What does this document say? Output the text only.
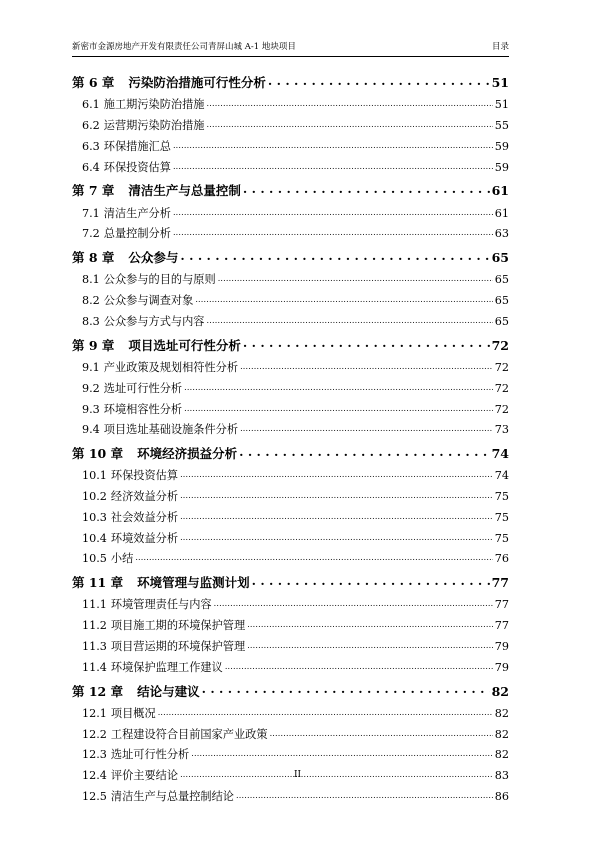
新密市金源房地产开发有限责任公司青屏山城 A-1 地块项目	目录
第 6 章 污染防治措施可行性分析 . . .	51
6.1 施工期污染防治措施 .....	51
6.2 运营期污染防治措施 .....	55
6.3 环保措施汇总 .....	59
6.4 环保投资估算 .....	59
第 7 章 清洁生产与总量控制 . . .	61
7.1 清洁生产分析 .....	61
7.2 总量控制分析 .....	63
第 8 章 公众参与 . . .	65
8.1 公众参与的目的与原则 .....	65
8.2 公众参与调查对象 .....	65
8.3 公众参与方式与内容 .....	65
第 9 章 项目选址可行性分析 . . .	72
9.1 产业政策及规划相符性分析 .....	72
9.2 选址可行性分析 .....	72
9.3 环境相容性分析 .....	72
9.4 项目选址基础设施条件分析 .....	73
第 10 章 环境经济损益分析 . . .	74
10.1 环保投资估算 .....	74
10.2 经济效益分析 .....	75
10.3 社会效益分析 .....	75
10.4 环境效益分析 .....	75
10.5 小结 .....	76
第 11 章 环境管理与监测计划 . . .	77
11.1 环境管理责任与内容 .....	77
11.2 项目施工期的环境保护管理 .....	77
11.3 项目营运期的环境保护管理 .....	79
11.4 环境保护监理工作建议 .....	79
第 12 章 结论与建议 . . .	82
12.1 项目概况 .....	82
12.2 工程建设符合目前国家产业政策 .....	82
12.3 选址可行性分析 .....	82
12.4 评价主要结论 .....	83
12.5 清洁生产与总量控制结论 .....	86
II
